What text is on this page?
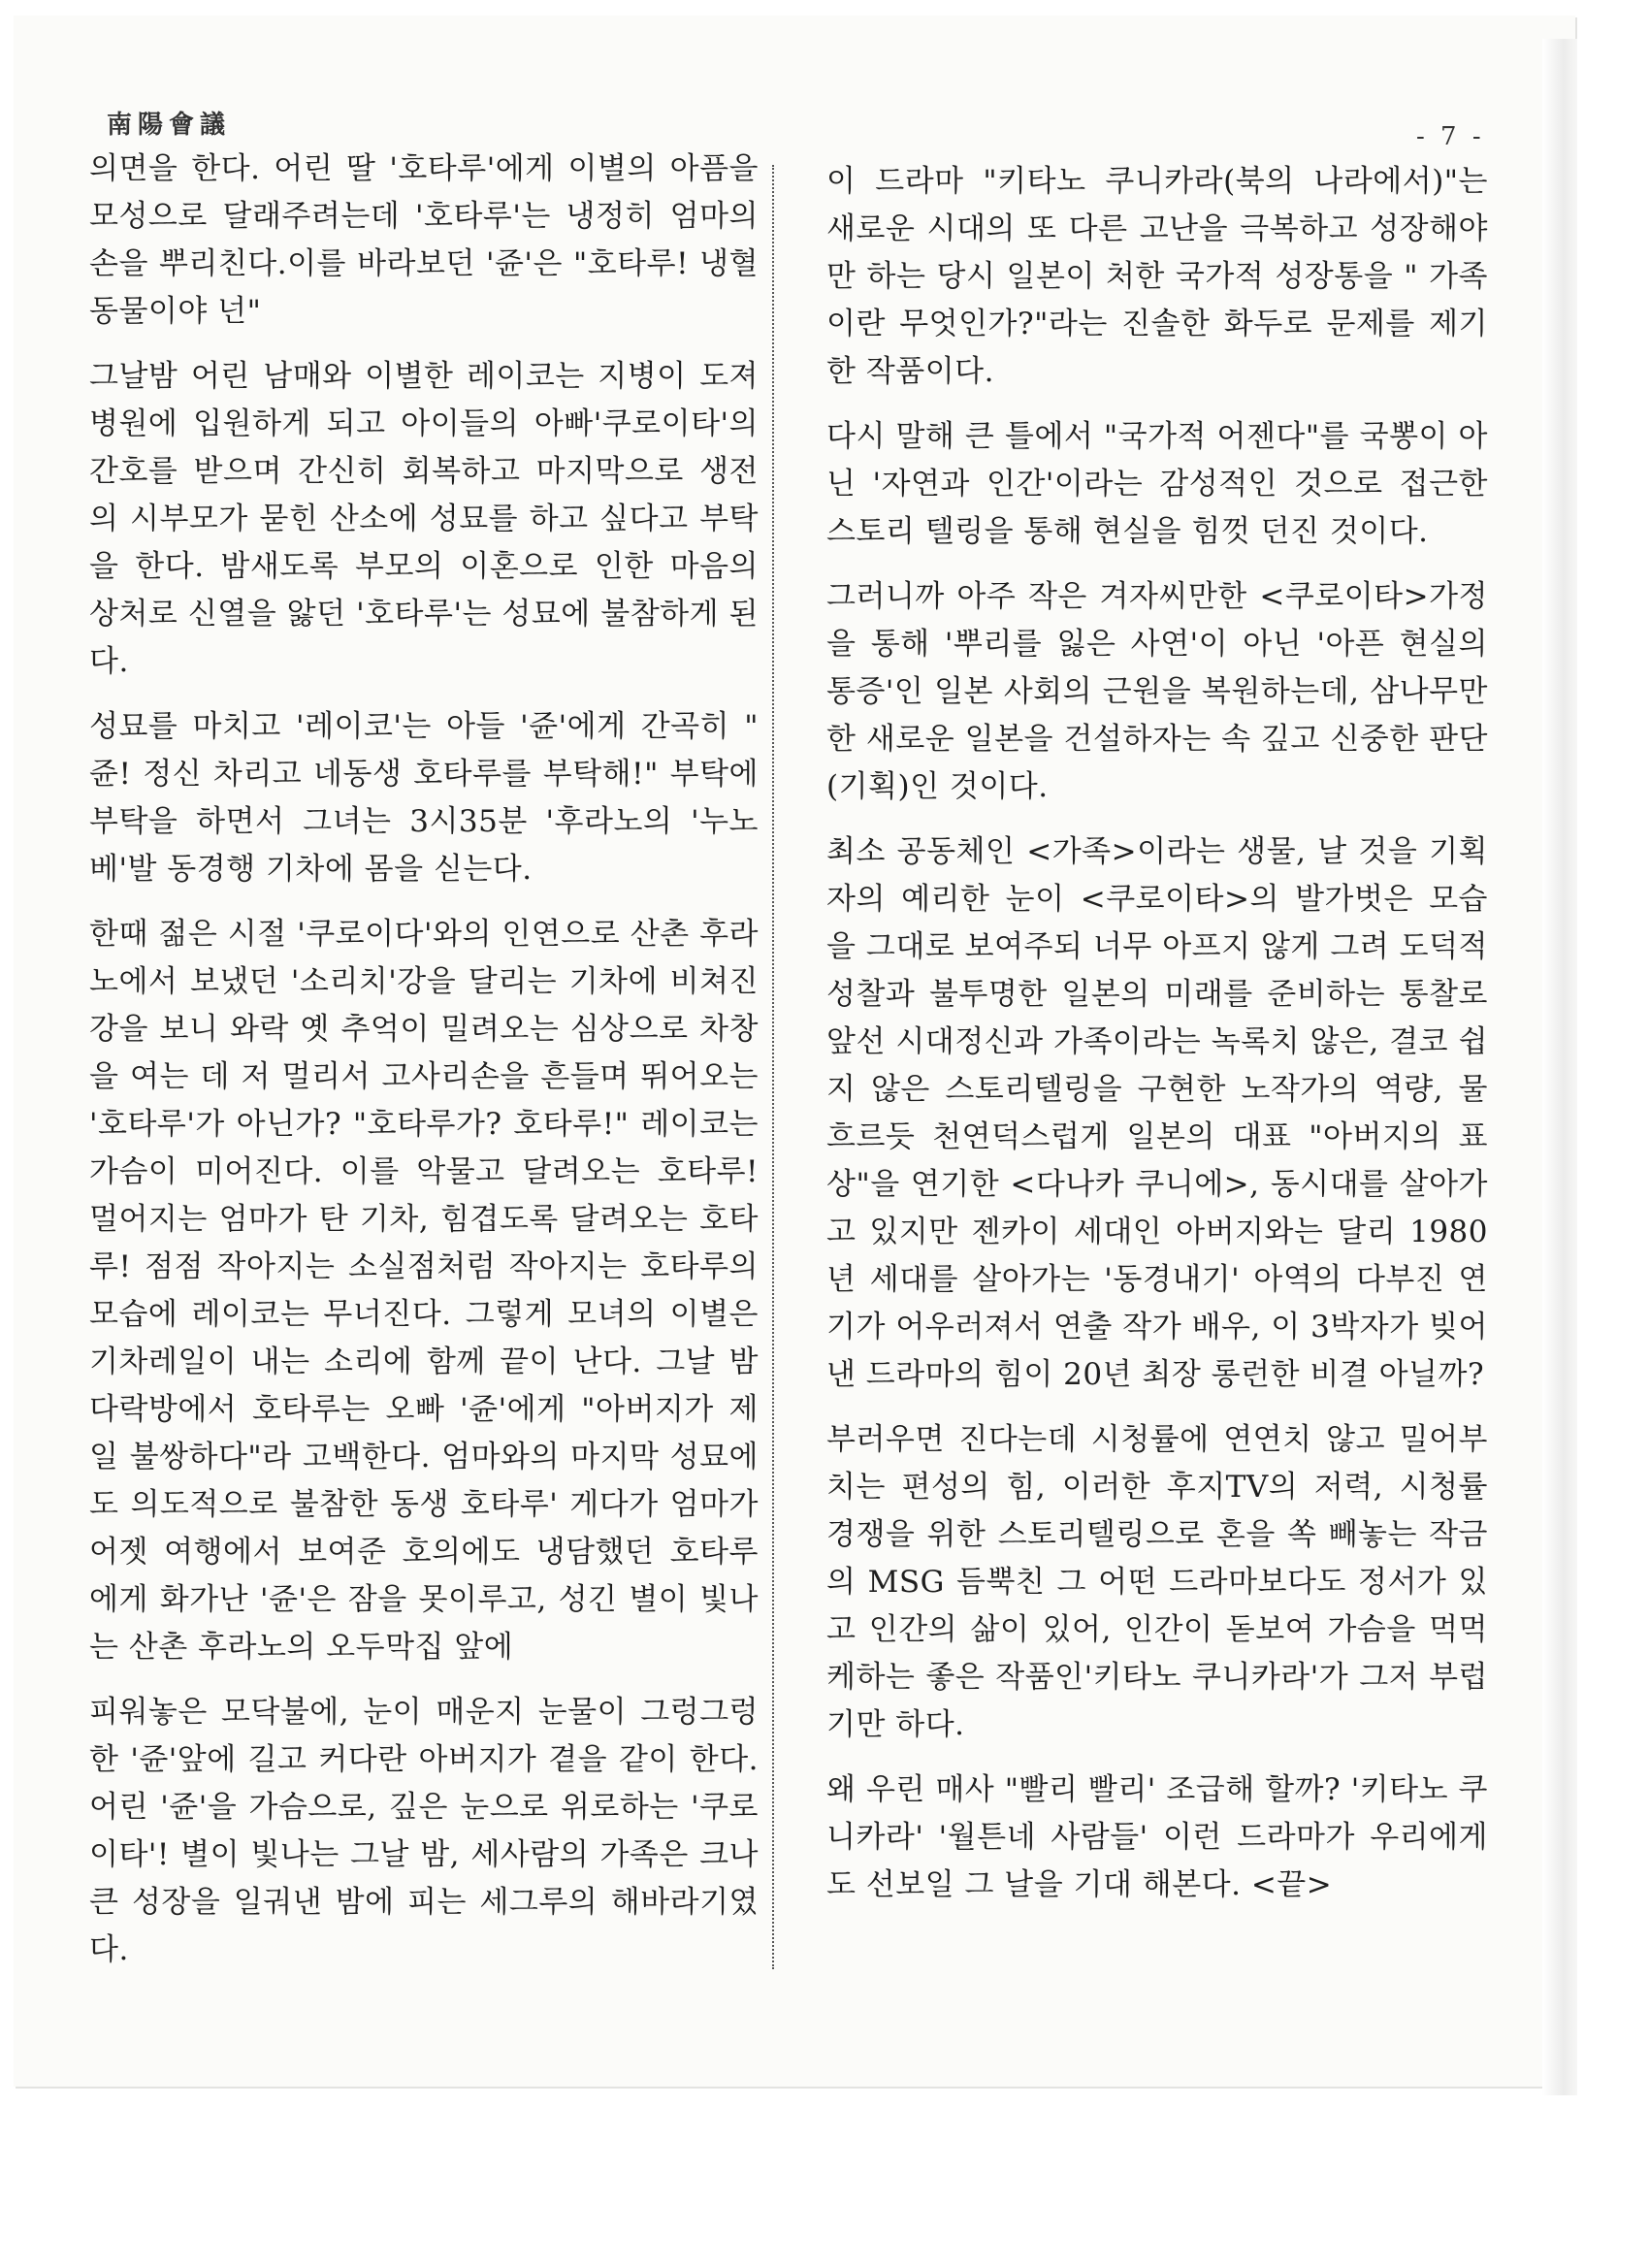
南陽會議	- 7 -

의면을 한다. 어린 딸 '호타루'에게 이별의 아픔을 모성으로 달래주려는데 '호타루'는 냉정히 엄마의 손을 뿌리친다.이를 바라보던 '쥰'은 "호타루! 냉혈동물이야 넌"

그날밤 어린 남매와 이별한 레이코는 지병이 도져 병원에 입원하게 되고 아이들의 아빠'쿠로이타'의 간호를 받으며 간신히 회복하고 마지막으로 생전의 시부모가 묻힌 산소에 성묘를 하고 싶다고 부탁을 한다. 밤새도록 부모의 이혼으로 인한 마음의 상처로 신열을 앓던 '호타루'는 성묘에 불참하게 된다.

성묘를 마치고 '레이코'는 아들 '쥰'에게 간곡히 " 쥰! 정신 차리고 네동생 호타루를 부탁해!" 부탁에 부탁을 하면서 그녀는 3시35분 '후라노의 '누노베'발 동경행 기차에 몸을 싣는다.

한때 젊은 시절 '쿠로이다'와의 인연으로 산촌 후라노에서 보냈던 '소리치'강을 달리는 기차에 비쳐진 강을 보니 와락 옛 추억이 밀려오는 심상으로 차창을 여는 데 저 멀리서 고사리손을 흔들며 뛰어오는 '호타루'가 아닌가? "호타루가? 호타루!" 레이코는 가슴이 미어진다. 이를 악물고 달려오는 호타루! 멀어지는 엄마가 탄 기차, 힘겹도록 달려오는 호타루! 점점 작아지는 소실점처럼 작아지는 호타루의 모습에 레이코는 무너진다. 그렇게 모녀의 이별은 기차레일이 내는 소리에 함께 끝이 난다. 그날 밤 다락방에서 호타루는 오빠 '쥰'에게 "아버지가 제일 불쌍하다"라 고백한다. 엄마와의 마지막 성묘에도 의도적으로 불참한 동생 호타루' 게다가 엄마가 어젯 여행에서 보여준 호의에도 냉담했던 호타루에게 화가난 '쥰'은 잠을 못이루고, 성긴 별이 빛나는 산촌 후라노의 오두막집 앞에

피워놓은 모닥불에, 눈이 매운지 눈물이 그렁그렁한 '쥰'앞에 길고 커다란 아버지가 곁을 같이 한다.어린 '쥰'을 가슴으로, 깊은 눈으로 위로하는 '쿠로이타'! 별이 빛나는 그날 밤, 세사람의 가족은 크나 큰 성장을 일궈낸 밤에 피는 세그루의 해바라기였다.

이 드라마 "키타노 쿠니카라(북의 나라에서)"는 새로운 시대의 또 다른 고난을 극복하고 성장해야만 하는 당시 일본이 처한 국가적 성장통을 " 가족이란 무엇인가?"라는 진솔한 화두로 문제를 제기한 작품이다.

다시 말해 큰 틀에서 "국가적 어젠다"를 국뽕이 아닌 '자연과 인간'이라는 감성적인 것으로 접근한 스토리 텔링을 통해 현실을 힘껏 던진 것이다.

그러니까 아주 작은 겨자씨만한 <쿠로이타>가정을 통해 '뿌리를 잃은 사연'이 아닌 '아픈 현실의 통증'인 일본 사회의 근원을 복원하는데, 삼나무만한 새로운 일본을 건설하자는 속 깊고 신중한 판단(기획)인 것이다.

최소 공동체인 <가족>이라는 생물, 날 것을 기획자의 예리한 눈이 <쿠로이타>의 발가벗은 모습을 그대로 보여주되 너무 아프지 않게 그려 도덕적 성찰과 불투명한 일본의 미래를 준비하는 통찰로 앞선 시대정신과 가족이라는 녹록치 않은, 결코 쉽지 않은 스토리텔링을 구현한 노작가의 역량, 물 흐르듯 천연덕스럽게 일본의 대표 "아버지의 표상"을 연기한 <다나카 쿠니에>, 동시대를 살아가고 있지만 젠카이 세대인 아버지와는 달리 1980년 세대를 살아가는 '동경내기' 아역의 다부진 연기가 어우러져서 연출 작가 배우, 이 3박자가 빚어낸 드라마의 힘이 20년 최장 롱런한 비결 아닐까?

부러우면 진다는데 시청률에 연연치 않고 밀어부치는 편성의 힘, 이러한 후지TV의 저력, 시청률 경쟁을 위한 스토리텔링으로 혼을 쏙 빼놓는 작금의 MSG 듬뿍친 그 어떤 드라마보다도 정서가 있고 인간의 삶이 있어, 인간이 돋보여 가슴을 먹먹케하는 좋은 작품인'키타노 쿠니카라'가 그저 부럽기만 하다.

왜 우린 매사 "빨리 빨리' 조급해 할까? '키타노 쿠니카라' '월튼네 사람들' 이런 드라마가 우리에게도 선보일 그 날을 기대 해본다. <끝>
